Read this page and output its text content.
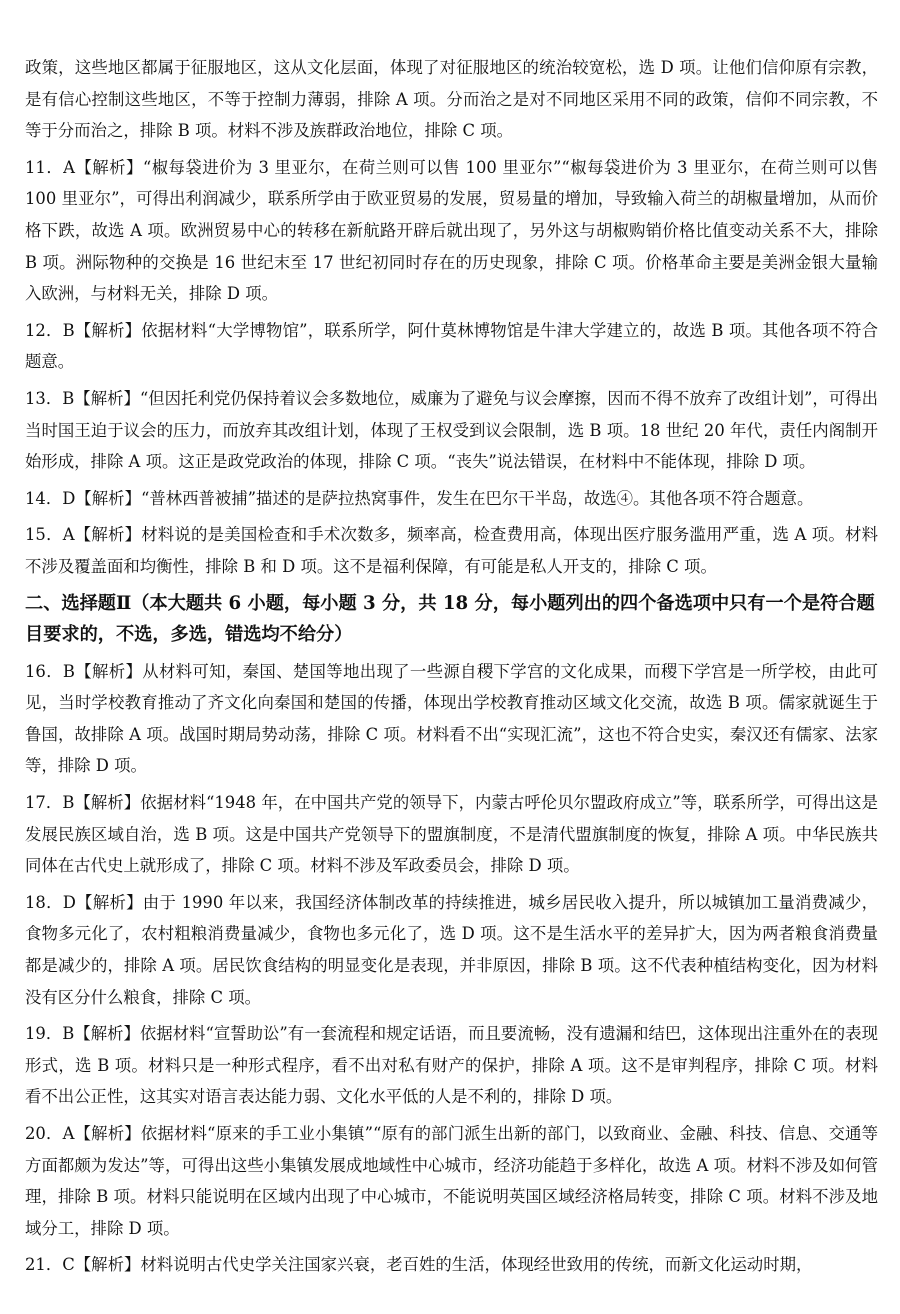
政策，这些地区都属于征服地区，这从文化层面，体现了对征服地区的统治较宽松，选 D 项。让他们信仰原有宗教，是有信心控制这些地区，不等于控制力薄弱，排除 A 项。分而治之是对不同地区采用不同的政策，信仰不同宗教，不等于分而治之，排除 B 项。材料不涉及族群政治地位，排除 C 项。

11．A【解析】“椒每袋进价为 3 里亚尔，在荷兰则可以售 100 里亚尔”“椒每袋进价为 3 里亚尔，在荷兰则可以售 100 里亚尔”，可得出利润减少，联系所学由于欧亚贸易的发展，贸易量的增加，导致输入荷兰的胡椒量增加，从而价格下跌，故选 A 项。欧洲贸易中心的转移在新航路开辟后就出现了，另外这与胡椒购销价格比值变动关系不大，排除 B 项。洲际物种的交换是 16 世纪末至 17 世纪初同时存在的历史现象，排除 C 项。价格革命主要是美洲金银大量输入欧洲，与材料无关，排除 D 项。

12．B【解析】依据材料“大学博物馆”，联系所学，阿什莫林博物馆是牛津大学建立的，故选 B 项。其他各项不符合题意。

13．B【解析】“但因托利党仍保持着议会多数地位，威廉为了避免与议会摩擦，因而不得不放弃了改组计划”，可得出当时国王迫于议会的压力，而放弃其改组计划，体现了王权受到议会限制，选 B 项。18 世纪 20 年代，责任内阁制开始形成，排除 A 项。这正是政党政治的体现，排除 C 项。“丧失”说法错误，在材料中不能体现，排除 D 项。

14．D【解析】“普林西普被捕”描述的是萨拉热窝事件，发生在巴尔干半岛，故选④。其他各项不符合题意。

15．A【解析】材料说的是美国检查和手术次数多，频率高，检查费用高，体现出医疗服务滥用严重，选 A 项。材料不涉及覆盖面和均衡性，排除 B 和 D 项。这不是福利保障，有可能是私人开支的，排除 C 项。

二、选择题Ⅱ（本大题共 6 小题，每小题 3 分，共 18 分，每小题列出的四个备选项中只有一个是符合题目要求的，不选，多选，错选均不给分）

16．B【解析】从材料可知，秦国、楚国等地出现了一些源自稷下学宫的文化成果，而稷下学宫是一所学校，由此可见，当时学校教育推动了齐文化向秦国和楚国的传播，体现出学校教育推动区域文化交流，故选 B 项。儒家就诞生于鲁国，故排除 A 项。战国时期局势动荡，排除 C 项。材料看不出“实现汇流”，这也不符合史实，秦汉还有儒家、法家等，排除 D 项。

17．B【解析】依据材料“1948 年，在中国共产党的领导下，内蒙古呼伦贝尔盟政府成立”等，联系所学，可得出这是发展民族区域自治，选 B 项。这是中国共产党领导下的盟旗制度，不是清代盟旗制度的恢复，排除 A 项。中华民族共同体在古代史上就形成了，排除 C 项。材料不涉及军政委员会，排除 D 项。

18．D【解析】由于 1990 年以来，我国经济体制改革的持续推进，城乡居民收入提升，所以城镇加工量消费减少，食物多元化了，农村粗粮消费量减少，食物也多元化了，选 D 项。这不是生活水平的差异扩大，因为两者粮食消费量都是减少的，排除 A 项。居民饮食结构的明显变化是表现，并非原因，排除 B 项。这不代表种植结构变化，因为材料没有区分什么粮食，排除 C 项。

19．B【解析】依据材料“宣誓助讼”有一套流程和规定话语，而且要流畅，没有遗漏和结巴，这体现出注重外在的表现形式，选 B 项。材料只是一种形式程序，看不出对私有财产的保护，排除 A 项。这不是审判程序，排除 C 项。材料看不出公正性，这其实对语言表达能力弱、文化水平低的人是不利的，排除 D 项。

20．A【解析】依据材料“原来的手工业小集镇”“原有的部门派生出新的部门，以致商业、金融、科技、信息、交通等方面都颇为发达”等，可得出这些小集镇发展成地域性中心城市，经济功能趋于多样化，故选 A 项。材料不涉及如何管理，排除 B 项。材料只能说明在区域内出现了中心城市，不能说明英国区域经济格局转变，排除 C 项。材料不涉及地域分工，排除 D 项。

21．C【解析】材料说明古代史学关注国家兴衰，老百姓的生活，体现经世致用的传统，而新文化运动时期，
